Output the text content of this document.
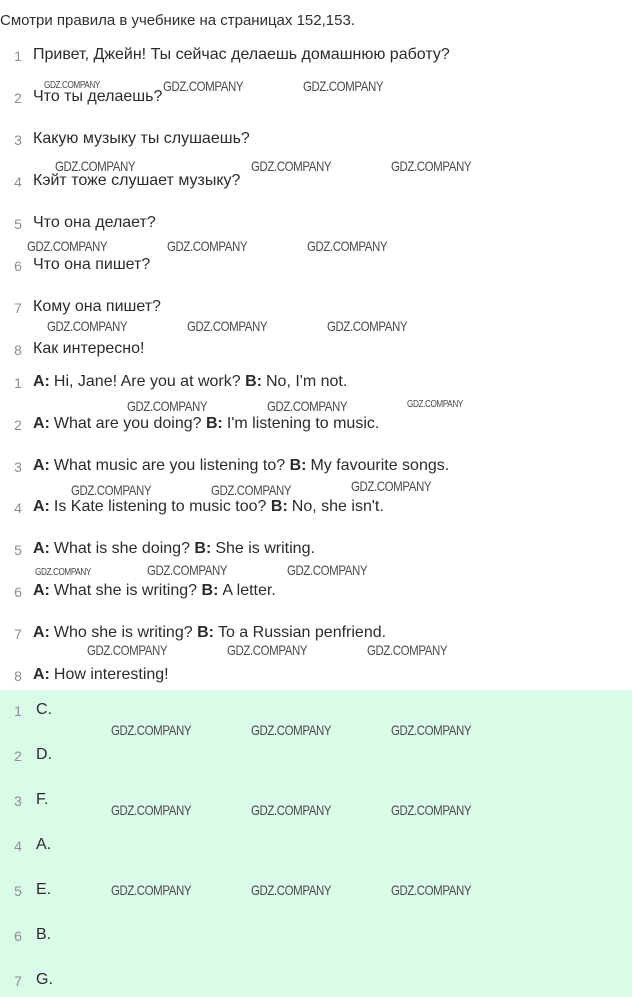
Смотри правила в учебнике на страницах 152,153.
1 Привет, Джейн! Ты сейчас делаешь домашнюю работу?
2 Что ты делаешь?
3 Какую музыку ты слушаешь?
4 Кэйт тоже слушает музыку?
5 Что она делает?
6 Что она пишет?
7 Кому она пишет?
8 Как интересно!
1 A: Hi, Jane! Are you at work? B: No, I'm not.
2 A: What are you doing? B: I'm listening to music.
3 A: What music are you listening to? B: My favourite songs.
4 A: Is Kate listening to music too? B: No, she isn't.
5 A: What is she doing? B: She is writing.
6 A: What she is writing? B: A letter.
7 A: Who she is writing? B: To a Russian penfriend.
8 A: How interesting!
1 C.
2 D.
3 F.
4 A.
5 E.
6 B.
7 G.
GDZ.COMPANY	GDZ.COMPANY	GDZ.COMPANY
GDZ.COMPANY	GDZ.COMPANY	GDZ.COMPANY
GDZ.COMPANY	GDZ.COMPANY	GDZ.COMPANY
GDZ.COMPANY	GDZ.COMPANY	GDZ.COMPANY
GDZ.COMPANY	GDZ.COMPANY	GDZ.COMPANY
GDZ.COMPANY	GDZ.COMPANY	GDZ.COMPANY
GDZ.COMPANY	GDZ.COMPANY	GDZ.COMPANY
GDZ.COMPANY	GDZ.COMPANY	GDZ.COMPANY
GDZ.COMPANY	GDZ.COMPANY	GDZ.COMPANY
GDZ.COMPANY	GDZ.COMPANY	GDZ.COMPANY
GDZ.COMPANY	GDZ.COMPANY	GDZ.COMPANY
